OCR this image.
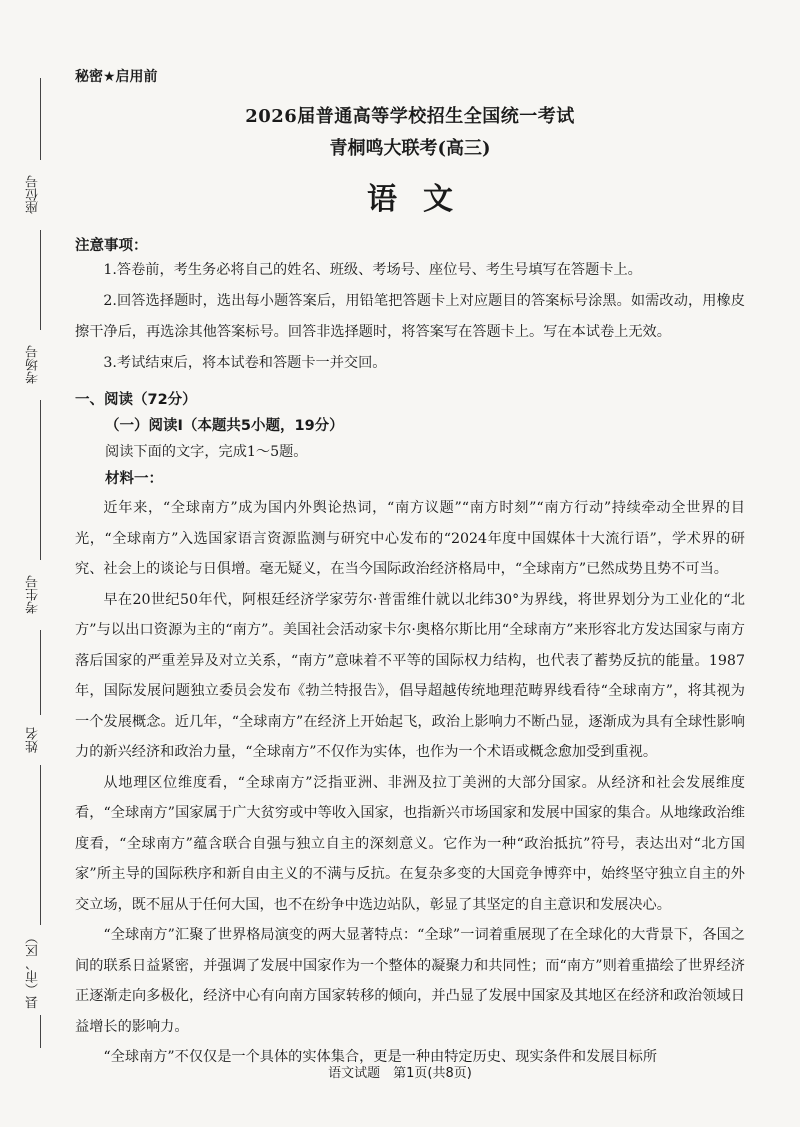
座位号
考场号
考生号
姓名
县（市、区）
秘密★启用前
2026届普通高等学校招生全国统一考试
青桐鸣大联考(高三)
语文
注意事项：

1.答卷前，考生务必将自己的姓名、班级、考场号、座位号、考生号填写在答题卡上。

2.回答选择题时，选出每小题答案后，用铅笔把答题卡上对应题目的答案标号涂黑。如需改动，用橡皮擦干净后，再选涂其他答案标号。回答非选择题时，将答案写在答题卡上。写在本试卷上无效。

3.考试结束后，将本试卷和答题卡一并交回。

一、阅读（72分）
（一）阅读Ⅰ（本题共5小题，19分）
阅读下面的文字，完成1～5题。
材料一：

近年来，“全球南方”成为国内外舆论热词，“南方议题”“南方时刻”“南方行动”持续牵动全世界的目光，“全球南方”入选国家语言资源监测与研究中心发布的“2024年度中国媒体十大流行语”，学术界的研究、社会上的谈论与日俱增。毫无疑义，在当今国际政治经济格局中，“全球南方”已然成势且势不可当。

早在20世纪50年代，阿根廷经济学家劳尔·普雷维什就以北纬30°为界线，将世界划分为工业化的“北方”与以出口资源为主的“南方”。美国社会活动家卡尔·奥格尔斯比用“全球南方”来形容北方发达国家与南方落后国家的严重差异及对立关系，“南方”意味着不平等的国际权力结构，也代表了蓄势反抗的能量。1987年，国际发展问题独立委员会发布《勃兰特报告》，倡导超越传统地理范畴界线看待“全球南方”，将其视为一个发展概念。近几年，“全球南方”在经济上开始起飞，政治上影响力不断凸显，逐渐成为具有全球性影响力的新兴经济和政治力量，“全球南方”不仅作为实体，也作为一个术语或概念愈加受到重视。

从地理区位维度看，“全球南方”泛指亚洲、非洲及拉丁美洲的大部分国家。从经济和社会发展维度看，“全球南方”国家属于广大贫穷或中等收入国家，也指新兴市场国家和发展中国家的集合。从地缘政治维度看，“全球南方”蕴含联合自强与独立自主的深刻意义。它作为一种“政治抵抗”符号，表达出对“北方国家”所主导的国际秩序和新自由主义的不满与反抗。在复杂多变的大国竞争博弈中，始终坚守独立自主的外交立场，既不屈从于任何大国，也不在纷争中选边站队，彰显了其坚定的自主意识和发展决心。

“全球南方”汇聚了世界格局演变的两大显著特点：“全球”一词着重展现了在全球化的大背景下，各国之间的联系日益紧密，并强调了发展中国家作为一个整体的凝聚力和共同性；而“南方”则着重描绘了世界经济正逐渐走向多极化，经济中心有向南方国家转移的倾向，并凸显了发展中国家及其地区在经济和政治领域日益增长的影响力。

“全球南方”不仅仅是一个具体的实体集合，更是一种由特定历史、现实条件和发展目标所

语文试题　第1页(共8页)
